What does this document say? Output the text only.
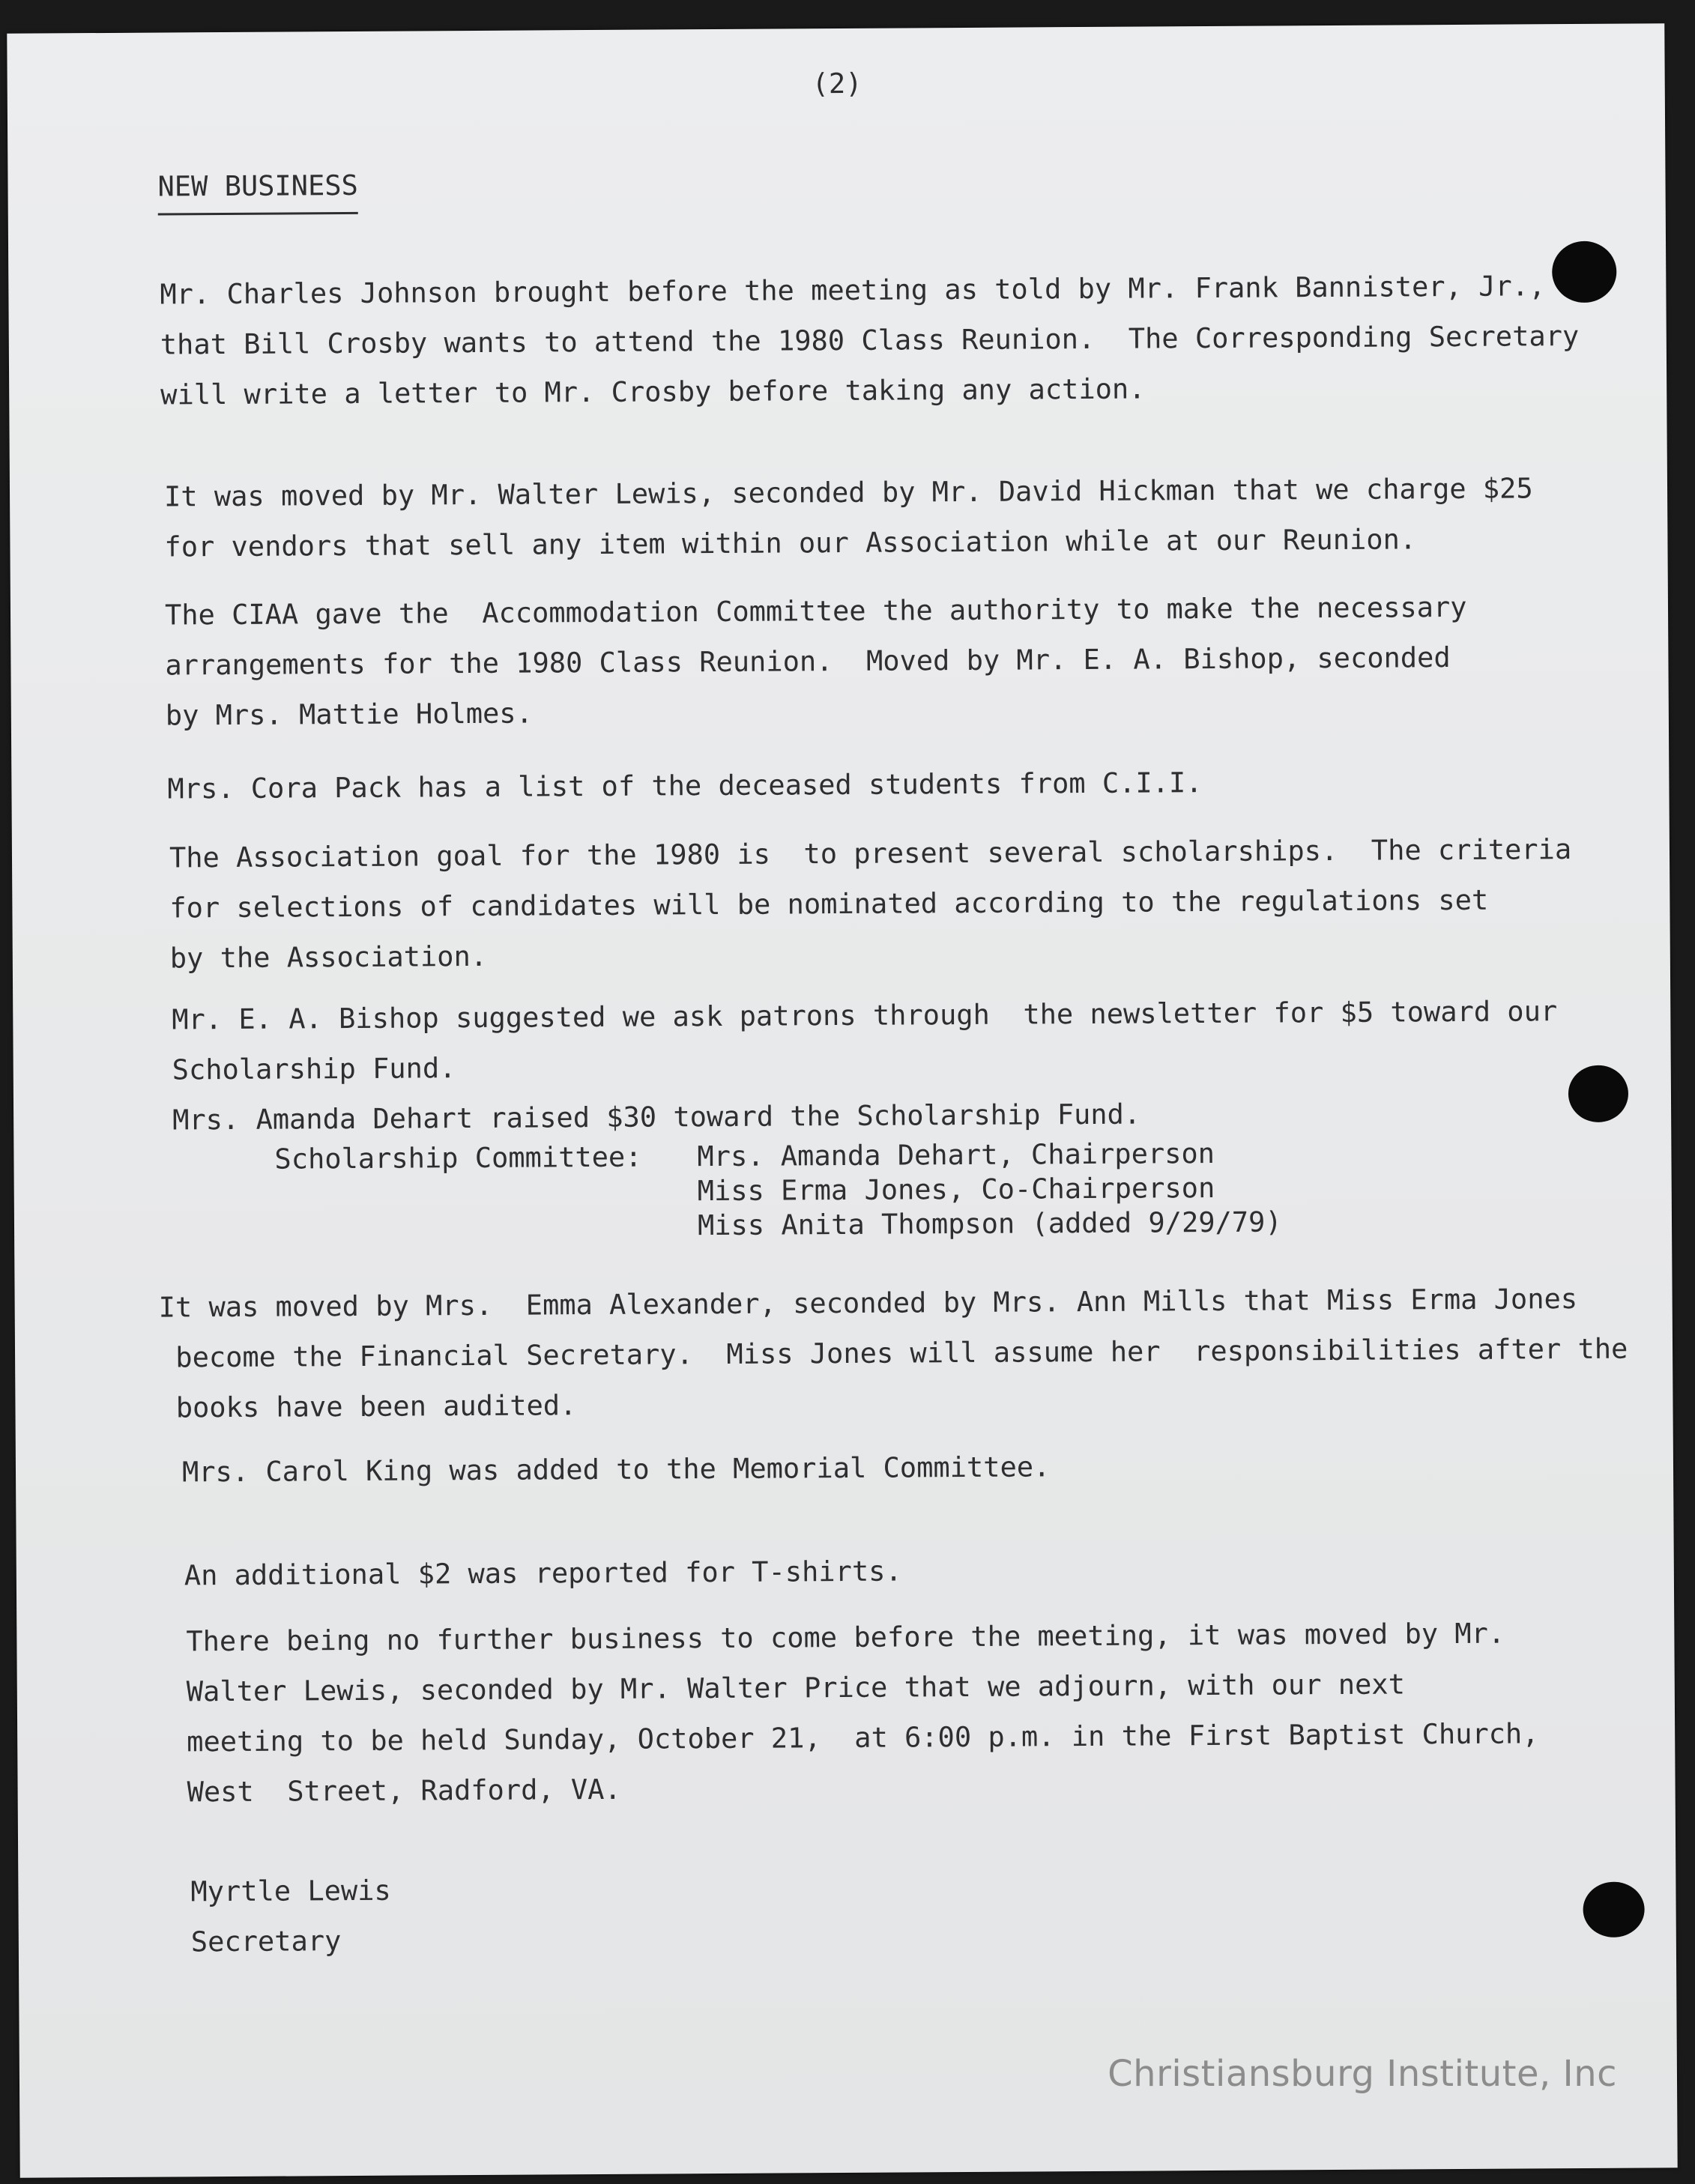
(2)
NEW BUSINESS

Mr. Charles Johnson brought before the meeting as told by Mr. Frank Bannister, Jr.,

that Bill Crosby wants to attend the 1980 Class Reunion.  The Corresponding Secretary

will write a letter to Mr. Crosby before taking any action.

It was moved by Mr. Walter Lewis, seconded by Mr. David Hickman that we charge $25

for vendors that sell any item within our Association while at our Reunion.

The CIAA gave the  Accommodation Committee the authority to make the necessary

arrangements for the 1980 Class Reunion.  Moved by Mr. E. A. Bishop, seconded

by Mrs. Mattie Holmes.

Mrs. Cora Pack has a list of the deceased students from C.I.I.

The Association goal for the 1980 is  to present several scholarships.  The criteria

for selections of candidates will be nominated according to the regulations set

by the Association.

Mr. E. A. Bishop suggested we ask patrons through  the newsletter for $5 toward our

Scholarship Fund.

Mrs. Amanda Dehart raised $30 toward the Scholarship Fund.

Scholarship Committee:

Mrs. Amanda Dehart, Chairperson

Miss Erma Jones, Co-Chairperson

Miss Anita Thompson (added 9/29/79)

It was moved by Mrs.  Emma Alexander, seconded by Mrs. Ann Mills that Miss Erma Jones

become the Financial Secretary.  Miss Jones will assume her  responsibilities after the

books have been audited.

Mrs. Carol King was added to the Memorial Committee.

An additional $2 was reported for T-shirts.

There being no further business to come before the meeting, it was moved by Mr.

Walter Lewis, seconded by Mr. Walter Price that we adjourn, with our next

meeting to be held Sunday, October 21,  at 6:00 p.m. in the First Baptist Church,

West  Street, Radford, VA.

Myrtle Lewis

Secretary

Christiansburg Institute, Inc
